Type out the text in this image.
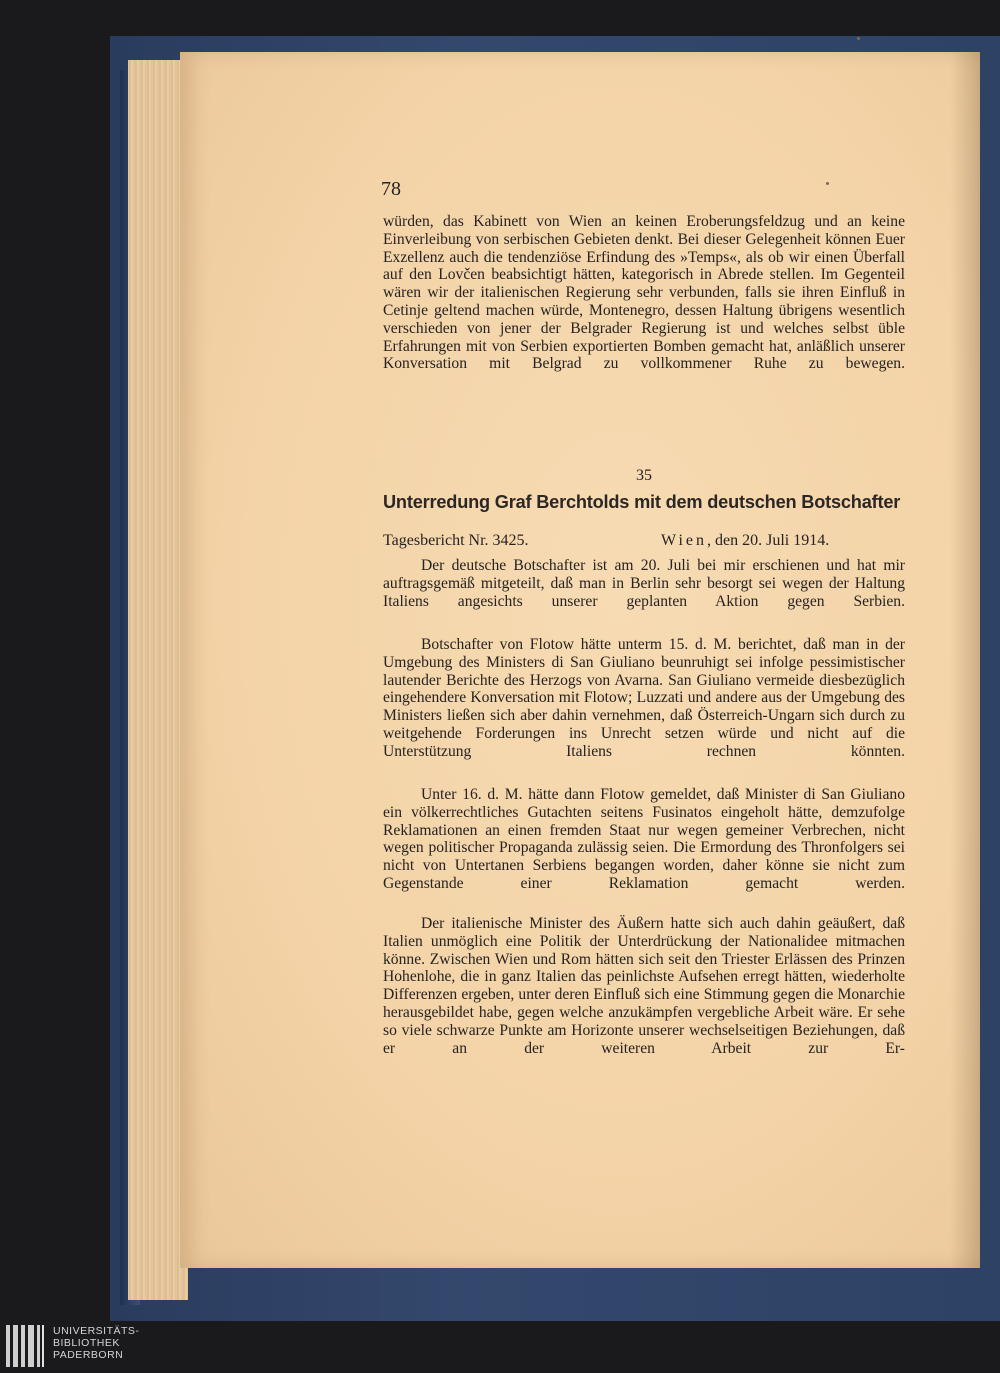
78

würden, das Kabinett von Wien an keinen Eroberungsfeldzug und an keine Einverleibung von serbischen Gebieten denkt. Bei dieser Gelegenheit können Euer Exzellenz auch die tendenziöse Erfindung des »Temps«, als ob wir einen Überfall auf den Lovčen beabsichtigt hätten, kategorisch in Abrede stellen. Im Gegenteil wären wir der italienischen Regierung sehr verbunden, falls sie ihren Einfluß in Cetinje geltend machen würde, Montenegro, dessen Haltung übrigens wesentlich verschieden von jener der Belgrader Regierung ist und welches selbst üble Erfahrungen mit von Serbien exportierten Bomben gemacht hat, anläßlich unserer Konversation mit Belgrad zu vollkommener Ruhe zu bewegen.

35
Unterredung Graf Berchtolds mit dem deutschen Botschafter
Tagesbericht Nr. 3425.	Wien, den 20. Juli 1914.

Der deutsche Botschafter ist am 20. Juli bei mir erschienen und hat mir auftragsgemäß mitgeteilt, daß man in Berlin sehr besorgt sei wegen der Haltung Italiens angesichts unserer geplanten Aktion gegen Serbien.

Botschafter von Flotow hätte unterm 15. d. M. berichtet, daß man in der Umgebung des Ministers di San Giuliano beunruhigt sei infolge pessimistischer lautender Berichte des Herzogs von Avarna. San Giuliano vermeide diesbezüglich eingehendere Konversation mit Flotow; Luzzati und andere aus der Umgebung des Ministers ließen sich aber dahin vernehmen, daß Österreich-Ungarn sich durch zu weitgehende Forderungen ins Unrecht setzen würde und nicht auf die Unterstützung Italiens rechnen könnten.

Unter 16. d. M. hätte dann Flotow gemeldet, daß Minister di San Giuliano ein völkerrechtliches Gutachten seitens Fusinatos eingeholt hätte, demzufolge Reklamationen an einen fremden Staat nur wegen gemeiner Verbrechen, nicht wegen politischer Propaganda zulässig seien. Die Ermordung des Thronfolgers sei nicht von Untertanen Serbiens begangen worden, daher könne sie nicht zum Gegenstande einer Reklamation gemacht werden.

Der italienische Minister des Äußern hatte sich auch dahin geäußert, daß Italien unmöglich eine Politik der Unterdrückung der Nationalidee mitmachen könne. Zwischen Wien und Rom hätten sich seit den Triester Erlässen des Prinzen Hohenlohe, die in ganz Italien das peinlichste Aufsehen erregt hätten, wiederholte Differenzen ergeben, unter deren Einfluß sich eine Stimmung gegen die Monarchie herausgebildet habe, gegen welche anzukämpfen vergebliche Arbeit wäre. Er sehe so viele schwarze Punkte am Horizonte unserer wechselseitigen Beziehungen, daß er an der weiteren Arbeit zur Er-

UNIVERSITÄTS-
BIBLIOTHEK
PADERBORN
